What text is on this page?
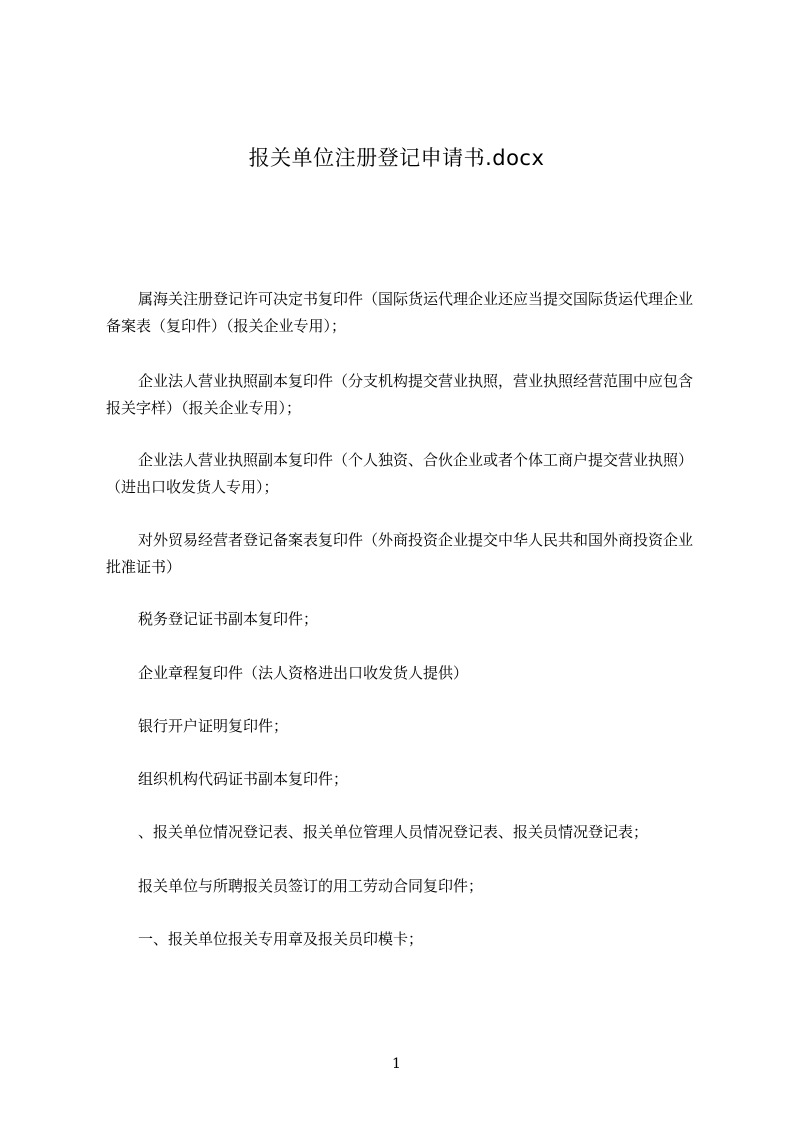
报关单位注册登记申请书.docx

属海关注册登记许可决定书复印件（国际货运代理企业还应当提交国际货运代理企业备案表（复印件）（报关企业专用）；

企业法人营业执照副本复印件（分支机构提交营业执照，营业执照经营范围中应包含报关字样）（报关企业专用）；

企业法人营业执照副本复印件（个人独资、合伙企业或者个体工商户提交营业执照）（进出口收发货人专用）；

对外贸易经营者登记备案表复印件（外商投资企业提交中华人民共和国外商投资企业批准证书）

税务登记证书副本复印件；

企业章程复印件（法人资格进出口收发货人提供）

银行开户证明复印件；

组织机构代码证书副本复印件；

、报关单位情况登记表、报关单位管理人员情况登记表、报关员情况登记表；

报关单位与所聘报关员签订的用工劳动合同复印件；

一、报关单位报关专用章及报关员印模卡；

1
